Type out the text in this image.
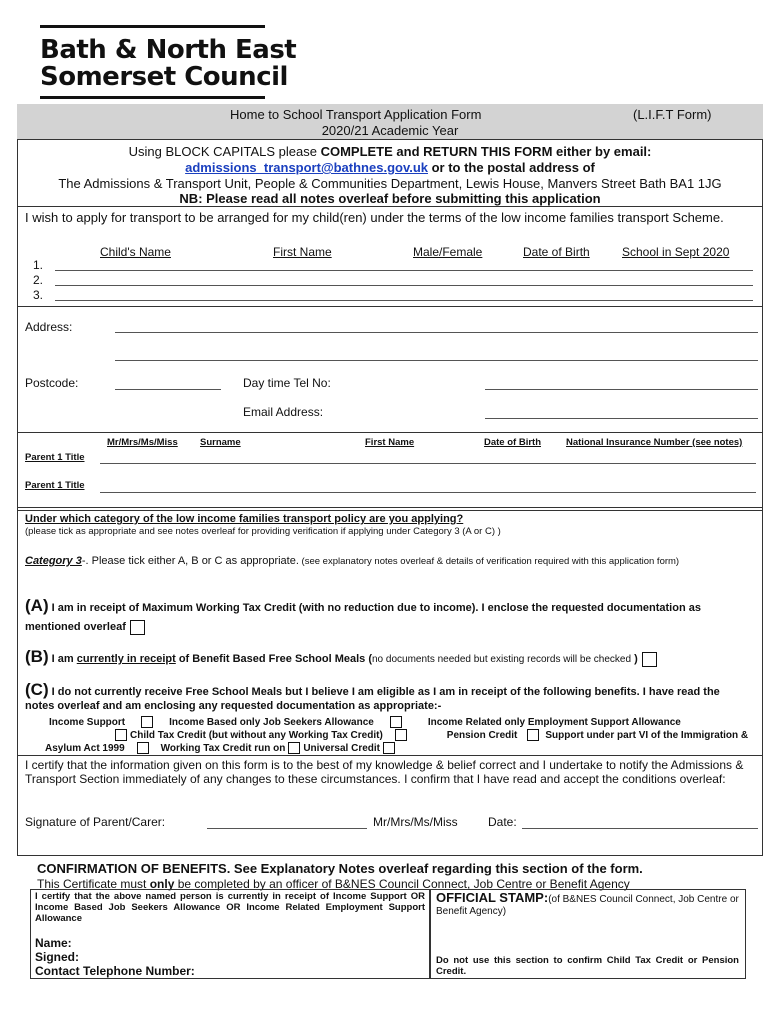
Bath & North East
Somerset Council
Home to School Transport Application Form	(L.I.F.T Form)
2020/21 Academic Year
Using BLOCK CAPITALS please COMPLETE and RETURN THIS FORM either by email:
admissions_transport@bathnes.gov.uk or to the postal address of
The Admissions & Transport Unit, People & Communities Department, Lewis House, Manvers Street Bath BA1 1JG
NB: Please read all notes overleaf before submitting this application
I wish to apply for transport to be arranged for my child(ren) under the terms of the low income families transport Scheme.
Child's Name	First Name	Male/Female	Date of Birth	School in Sept 2020
1.
2.
3.
Address:
Postcode:	Day time Tel No:
Email Address:
Mr/Mrs/Ms/Miss Surname	First Name	Date of Birth	National Insurance Number (see notes)
Parent 1 Title
Parent 1 Title
Under which category of the low income families transport policy are you applying?
(please tick as appropriate and see notes overleaf for providing verification if applying under Category 3 (A or C) )
Category 3-. Please tick either A, B or C as appropriate. (see explanatory notes overleaf & details of verification required with this application form)
(A) I am in receipt of Maximum Working Tax Credit (with no reduction due to income). I enclose the requested documentation as mentioned overleaf
(B) I am currently in receipt of Benefit Based Free School Meals (no documents needed but existing records will be checked )
(C) I do not currently receive Free School Meals but I believe I am eligible as I am in receipt of the following benefits. I have read the notes overleaf and am enclosing any requested documentation as appropriate:-
Income Support	Income Based only Job Seekers Allowance	Income Related only Employment Support Allowance
Child Tax Credit (but without any Working Tax Credit)	Pension Credit	Support under part VI of the Immigration & Asylum Act 1999	Working Tax Credit run on Universal Credit
I certify that the information given on this form is to the best of my knowledge & belief correct and I undertake to notify the Admissions & Transport Section immediately of any changes to these circumstances. I confirm that I have read and accept the conditions overleaf:
Signature of Parent/Carer:	Mr/Mrs/Ms/Miss	Date:
CONFIRMATION OF BENEFITS. See Explanatory Notes overleaf regarding this section of the form.
This Certificate must only be completed by an officer of B&NES Council Connect, Job Centre or Benefit Agency
I certify that the above named person is currently in receipt of Income Support OR Income Based Job Seekers Allowance OR Income Related Employment Support Allowance
Name:
Signed:
Contact Telephone Number:
OFFICIAL STAMP:(of B&NES Council Connect, Job Centre or Benefit Agency)
Do not use this section to confirm Child Tax Credit or Pension Credit.
